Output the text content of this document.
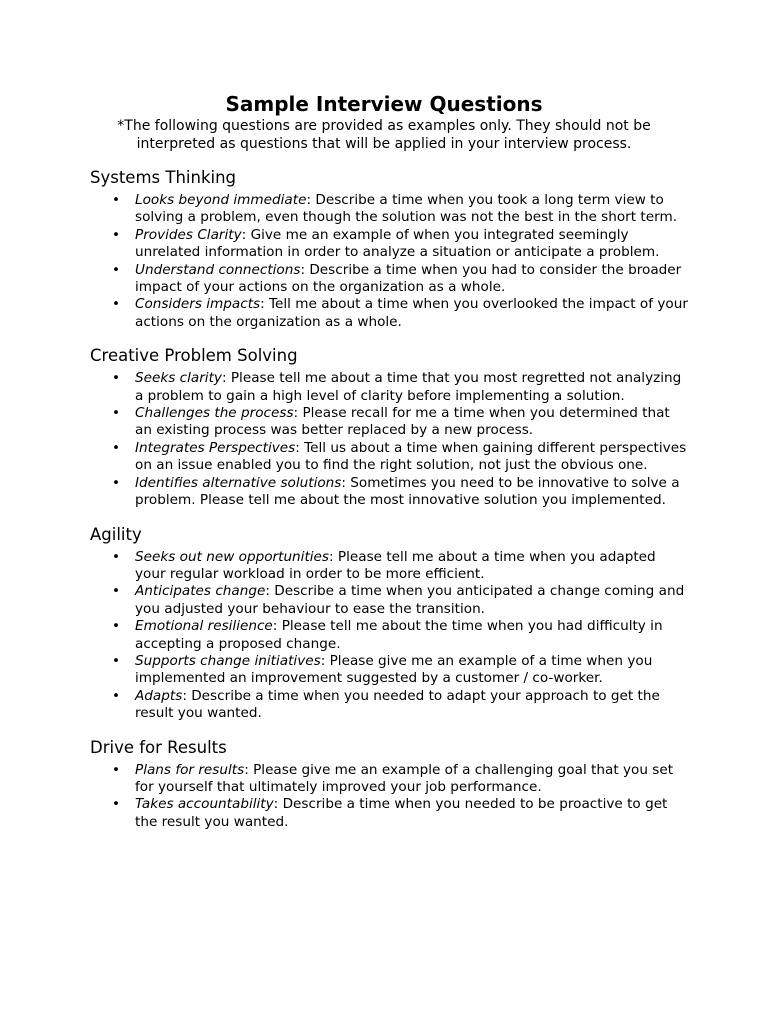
Sample Interview Questions
*The following questions are provided as examples only. They should not be interpreted as questions that will be applied in your interview process.
Systems Thinking
• Looks beyond immediate: Describe a time when you took a long term view to solving a problem, even though the solution was not the best in the short term.
• Provides Clarity: Give me an example of when you integrated seemingly unrelated information in order to analyze a situation or anticipate a problem.
• Understand connections: Describe a time when you had to consider the broader impact of your actions on the organization as a whole.
• Considers impacts: Tell me about a time when you overlooked the impact of your actions on the organization as a whole.
Creative Problem Solving
• Seeks clarity: Please tell me about a time that you most regretted not analyzing a problem to gain a high level of clarity before implementing a solution.
• Challenges the process: Please recall for me a time when you determined that an existing process was better replaced by a new process.
• Integrates Perspectives: Tell us about a time when gaining different perspectives on an issue enabled you to find the right solution, not just the obvious one.
• Identifies alternative solutions: Sometimes you need to be innovative to solve a problem. Please tell me about the most innovative solution you implemented.
Agility
• Seeks out new opportunities: Please tell me about a time when you adapted your regular workload in order to be more efficient.
• Anticipates change: Describe a time when you anticipated a change coming and you adjusted your behaviour to ease the transition.
• Emotional resilience: Please tell me about the time when you had difficulty in accepting a proposed change.
• Supports change initiatives: Please give me an example of a time when you implemented an improvement suggested by a customer / co-worker.
• Adapts: Describe a time when you needed to adapt your approach to get the result you wanted.
Drive for Results
• Plans for results: Please give me an example of a challenging goal that you set for yourself that ultimately improved your job performance.
• Takes accountability: Describe a time when you needed to be proactive to get the result you wanted.
